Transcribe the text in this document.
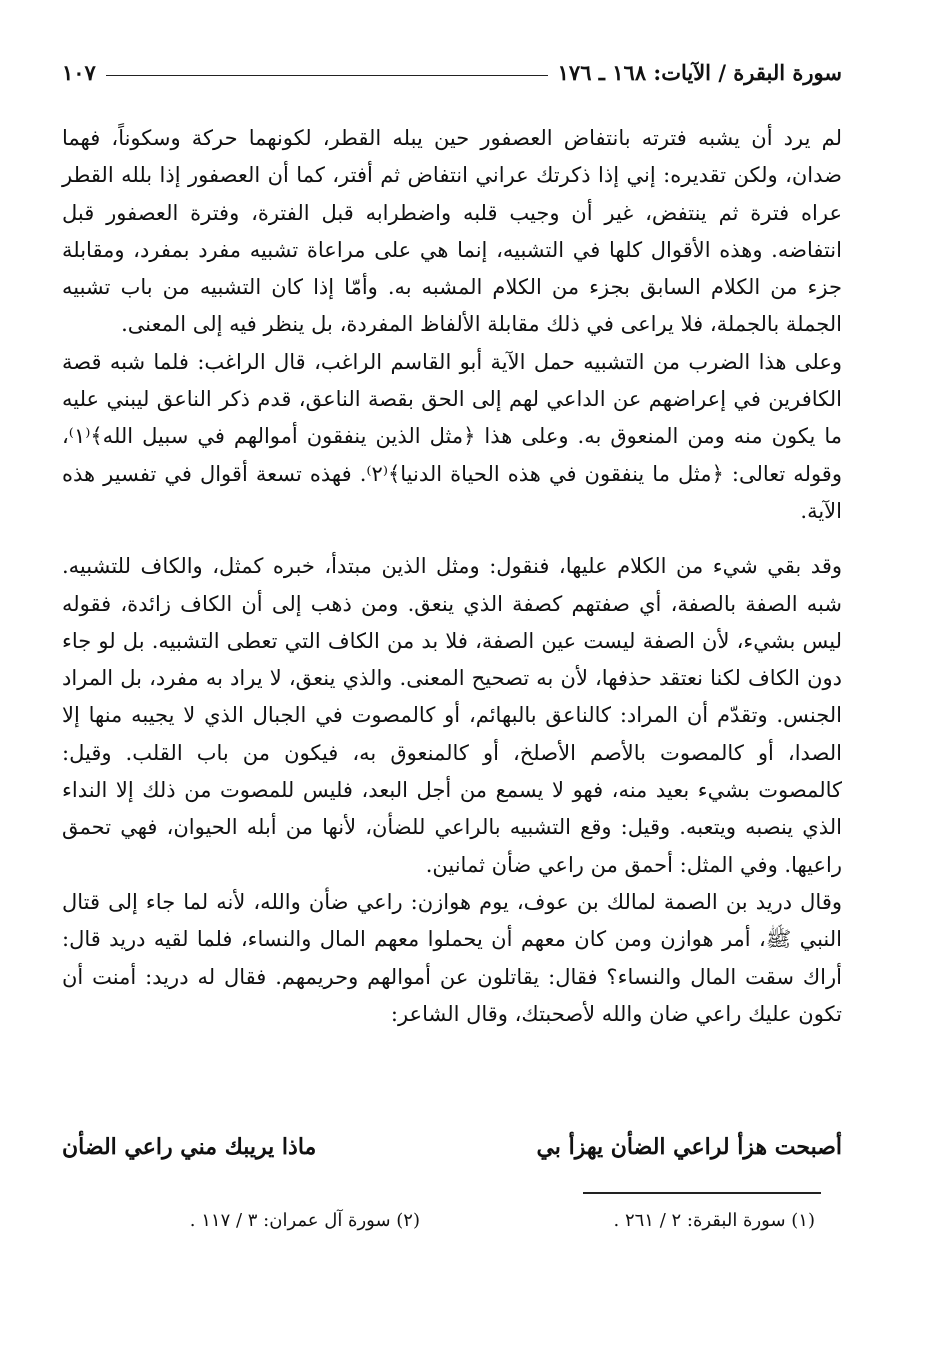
سورة البقرة / الآيات: ١٦٨ ـ ١٧٦
١٠٧

لم يرد أن يشبه فترته بانتفاض العصفور حين يبله القطر، لكونهما حركة وسكوناً، فهما ضدان، ولكن تقديره: إني إذا ذكرتك عراني انتفاض ثم أفتر، كما أن العصفور إذا بلله القطر عراه فترة ثم ينتفض، غير أن وجيب قلبه واضطرابه قبل الفترة، وفترة العصفور قبل انتفاضه. وهذه الأقوال كلها في التشبيه، إنما هي على مراعاة تشبيه مفرد بمفرد، ومقابلة جزء من الكلام السابق بجزء من الكلام المشبه به. وأمّا إذا كان التشبيه من باب تشبيه الجملة بالجملة، فلا يراعى في ذلك مقابلة الألفاظ المفردة، بل ينظر فيه إلى المعنى.

وعلى هذا الضرب من التشبيه حمل الآية أبو القاسم الراغب، قال الراغب: فلما شبه قصة الكافرين في إعراضهم عن الداعي لهم إلى الحق بقصة الناعق، قدم ذكر الناعق ليبني عليه ما يكون منه ومن المنعوق به. وعلى هذا ﴿مثل الذين ينفقون أموالهم في سبيل الله﴾⁽١⁾، وقوله تعالى: ﴿مثل ما ينفقون في هذه الحياة الدنيا﴾⁽٢⁾. فهذه تسعة أقوال في تفسير هذه الآية.

وقد بقي شيء من الكلام عليها، فنقول: ومثل الذين مبتدأ، خبره كمثل، والكاف للتشبيه. شبه الصفة بالصفة، أي صفتهم كصفة الذي ينعق. ومن ذهب إلى أن الكاف زائدة، فقوله ليس بشيء، لأن الصفة ليست عين الصفة، فلا بد من الكاف التي تعطى التشبيه. بل لو جاء دون الكاف لكنا نعتقد حذفها، لأن به تصحيح المعنى. والذي ينعق، لا يراد به مفرد، بل المراد الجنس. وتقدّم أن المراد: كالناعق بالبهائم، أو كالمصوت في الجبال الذي لا يجيبه منها إلا الصدا، أو كالمصوت بالأصم الأصلخ، أو كالمنعوق به، فيكون من باب القلب. وقيل: كالمصوت بشيء بعيد منه، فهو لا يسمع من أجل البعد، فليس للمصوت من ذلك إلا النداء الذي ينصبه ويتعبه. وقيل: وقع التشبيه بالراعي للضأن، لأنها من أبله الحيوان، فهي تحمق راعيها. وفي المثل: أحمق من راعي ضأن ثمانين.

وقال دريد بن الصمة لمالك بن عوف، يوم هوازن: راعي ضأن والله، لأنه لما جاء إلى قتال النبي ﷺ، أمر هوازن ومن كان معهم أن يحملوا معهم المال والنساء، فلما لقيه دريد قال: أراك سقت المال والنساء؟ فقال: يقاتلون عن أموالهم وحريمهم. فقال له دريد: أمنت أن تكون عليك راعي ضان والله لأصحبتك، وقال الشاعر:

أصبحت هزأ لراعي الضأن يهزأ بي
ماذا يريبك مني راعي الضأن
(١) سورة البقرة: ٢ / ٢٦١ .
(٢) سورة آل عمران: ٣ / ١١٧ .
